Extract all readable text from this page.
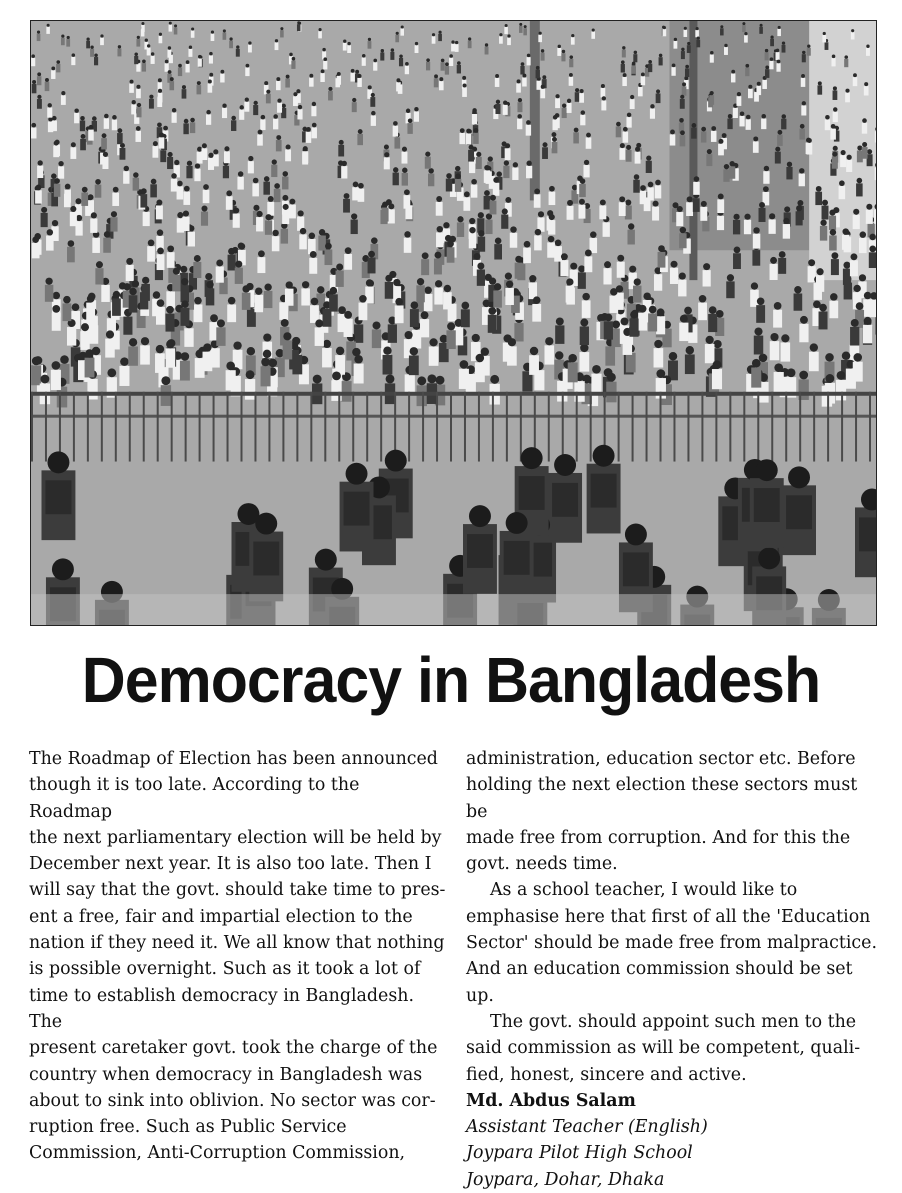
Democracy in Bangladesh

The Roadmap of Election has been announced
though it is too late. According to the Roadmap
the next parliamentary election will be held by
December next year. It is also too late. Then I
will say that the govt. should take time to pres-
ent a free, fair and impartial election to the
nation if they need it. We all know that nothing
is possible overnight. Such as it took a lot of
time to establish democracy in Bangladesh. The
present caretaker govt. took the charge of the
country when democracy in Bangladesh was
about to sink into oblivion. No sector was cor-
ruption free. Such as Public Service
Commission, Anti-Corruption Commission,

administration, education sector etc. Before
holding the next election these sectors must be
made free from corruption. And for this the
govt. needs time.

As a school teacher, I would like to
emphasise here that first of all the 'Education
Sector' should be made free from malpractice.
And an education commission should be set up.

The govt. should appoint such men to the
said commission as will be competent, quali-
fied, honest, sincere and active.

Md. Abdus Salam
Assistant Teacher (English)
Joypara Pilot High School
Joypara, Dohar, Dhaka
